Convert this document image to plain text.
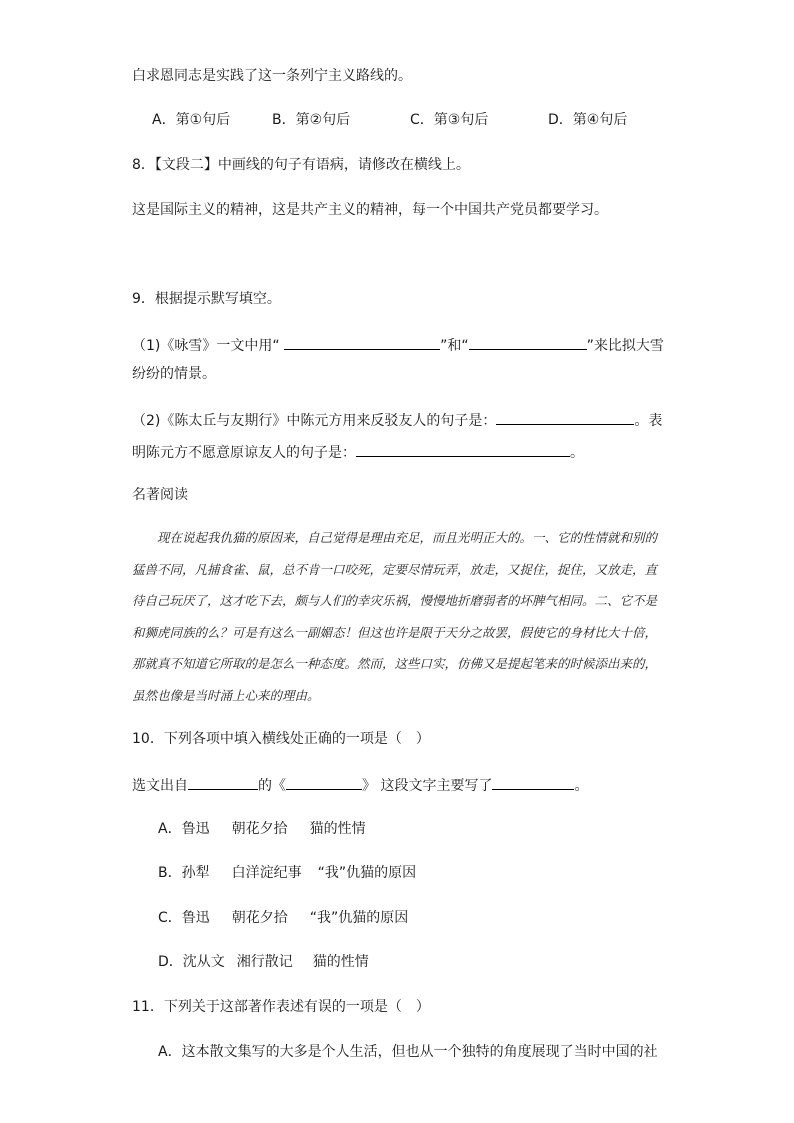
白求恩同志是实践了这一条列宁主义路线的。
A．第①句后	B．第②句后	C．第③句后	D．第④句后
8．【文段二】中画线的句子有语病，请修改在横线上。
这是国际主义的精神，这是共产主义的精神，每一个中国共产党员都要学习。
9．根据提示默写填空。
（1)《咏雪》一文中用“	”和“	”来比拟大雪
纷纷的情景。
（2)《陈太丘与友期行》中陈元方用来反驳友人的句子是：	。表
明陈元方不愿意原谅友人的句子是：	。
名著阅读

现在说起我仇猫的原因来，自己觉得是理由充足，而且光明正大的。一、它的性情就和别的猛兽不同，凡捕食雀、鼠，总不肯一口咬死，定要尽情玩弄，放走，又捉住，捉住，又放走，直待自己玩厌了，这才吃下去，颇与人们的幸灾乐祸，慢慢地折磨弱者的坏脾气相同。二、它不是和狮虎同族的么？可是有这么一副媚态！但这也许是限于天分之故罢，假使它的身材比大十倍，那就真不知道它所取的是怎么一种态度。然而，这些口实，仿佛又是提起笔来的时候添出来的，虽然也像是当时涌上心来的理由。

10．下列各项中填入横线处正确的一项是（　）
选文出自	的《	》 这段文字主要写了	。
A．鲁迅 朝花夕拾 猫的性情
B．孙犁 白洋淀纪事 “我”仇猫的原因
C．鲁迅 朝花夕拾 “我”仇猫的原因
D．沈从文 湘行散记 猫的性情
11．下列关于这部著作表述有误的一项是（　）
A．这本散文集写的大多是个人生活，但也从一个独特的角度展现了当时中国的社
